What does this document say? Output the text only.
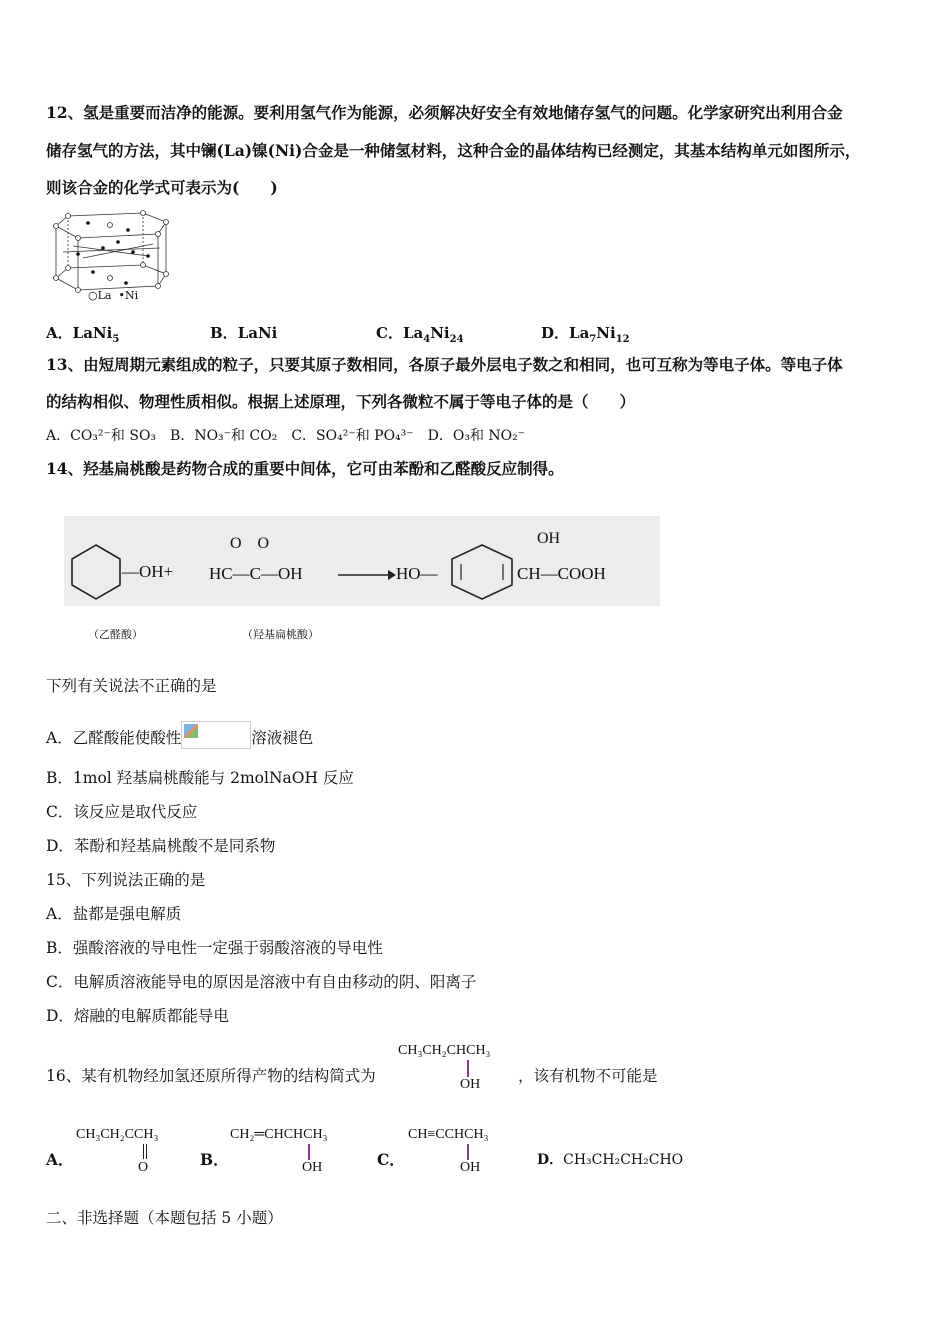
12、氢是重要而洁净的能源。要利用氢气作为能源，必须解决好安全有效地储存氢气的问题。化学家研究出利用合金
储存氢气的方法，其中镧(La)镍(Ni)合金是一种储氢材料，这种合金的晶体结构已经测定，其基本结构单元如图所示，
则该合金的化学式可表示为(　　)
○La •Ni
A．LaNi$_5$	B．LaNi	C．$La_4Ni_{24}$	D．$La_7Ni_{12}$
13、由短周期元素组成的粒子，只要其原子数相同，各原子最外层电子数之和相同，也可互称为等电子体。等电子体
的结构相似、物理性质相似。根据上述原理，下列各微粒不属于等电子体的是（　　）
A．CO₃²⁻和 SO₃　B．NO₃⁻和 CO₂　C．SO₄²⁻和 PO₄³⁻　D．O₃和 NO₂⁻
14、羟基扁桃酸是药物合成的重要中间体，它可由苯酚和乙醛酸反应制得。
—OH+
O　O
HC—C—OH → HO—
OH
CH—COOH
（乙醛酸）	（羟基扁桃酸）
下列有关说法不正确的是
A．乙醛酸能使酸性	溶液褪色
B．1mol 羟基扁桃酸能与 2molNaOH 反应
C．该反应是取代反应
D．苯酚和羟基扁桃酸不是同系物
15、下列说法正确的是
A．盐都是强电解质
B．强酸溶液的导电性一定强于弱酸溶液的导电性
C．电解质溶液能导电的原因是溶液中有自由移动的阴、阳离子
D．熔融的电解质都能导电
16、某有机物经加氢还原所得产物的结构简式为
CH₃CH₂CHCH₃
OH ，该有机物不可能是
A．
CH₃CH₂CCH₃
O	B．
CH₂═CHCHCH₃
OH	C．
CH≡CCHCH₃
OH	D．CH₃CH₂CH₂CHO
二、非选择题（本题包括 5 小题）
